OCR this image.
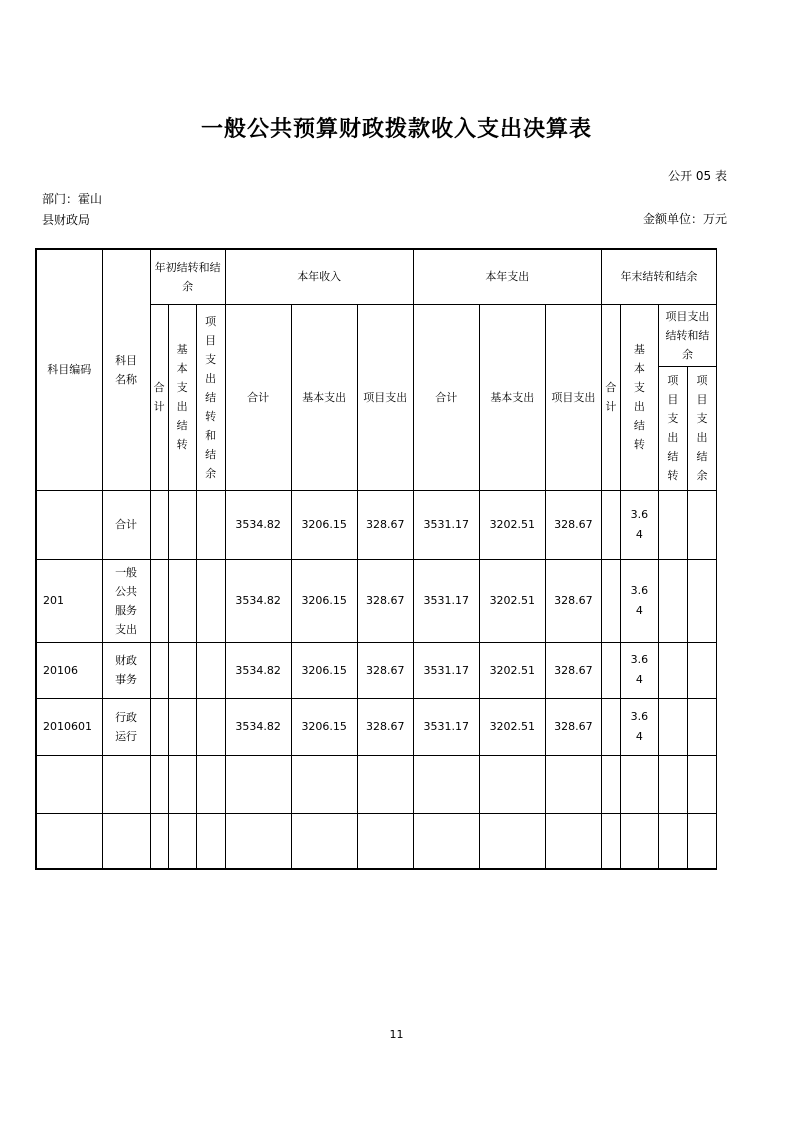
一般公共预算财政拨款收入支出决算表
公开 05 表
部门：霍山县财政局	金额单位：万元
科目编码	科目名称	年初结转和结余			本年收入			本年支出			年末结转和结余			
		合计	基本支出结转	项目支出结转和结余	合计	基本支出	项目支出	合计	基本支出	项目支出	合计	基本支出结转	项目支出结转和结余	
													项目支出结转	项目支出结余

	合计				3534.82	3206.15	328.67	3531.17	3202.51	328.67		3.64		
201	一般公共服务支出				3534.82	3206.15	328.67	3531.17	3202.51	328.67		3.64		
20106	财政事务				3534.82	3206.15	328.67	3531.17	3202.51	328.67		3.64		
2010601	行政运行				3534.82	3206.15	328.67	3531.17	3202.51	328.67		3.64		

11
